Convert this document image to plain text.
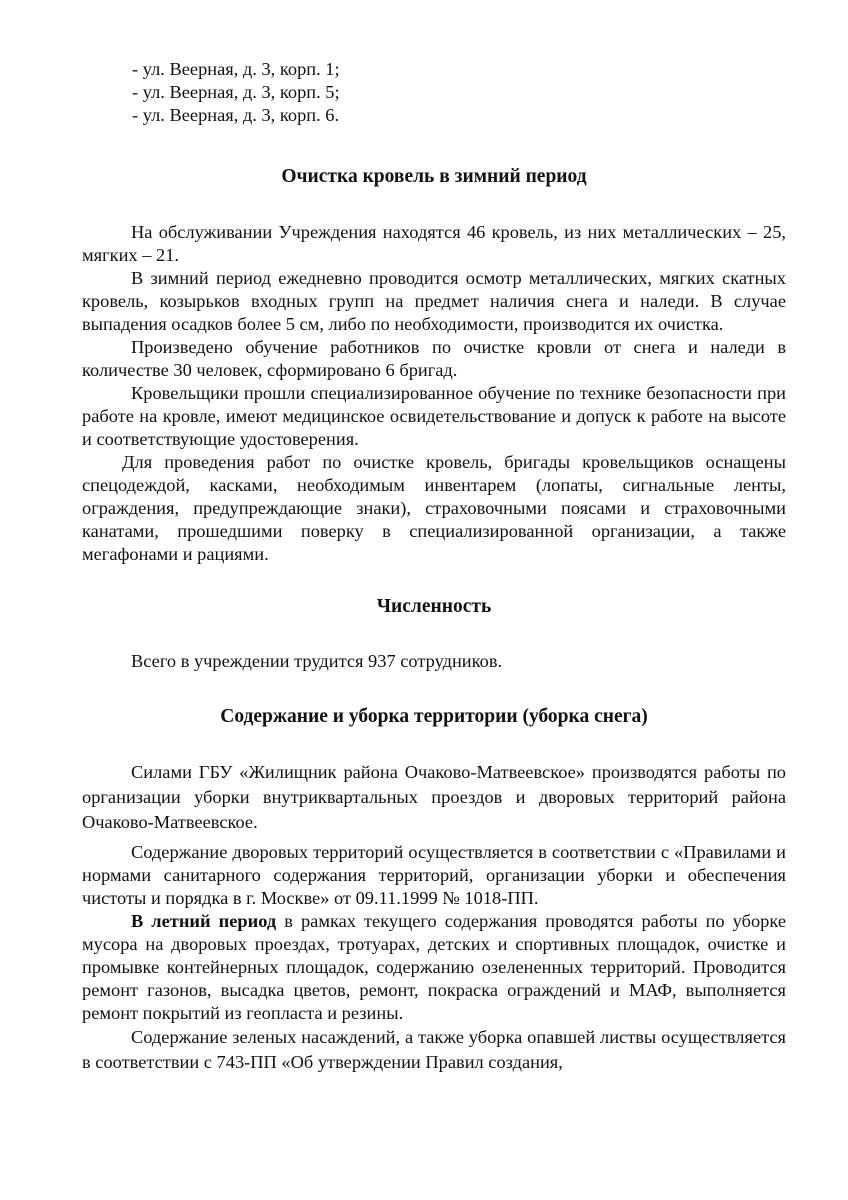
- ул. Веерная, д. 3, корп. 1;
- ул. Веерная, д. 3, корп. 5;
- ул. Веерная, д. 3, корп. 6.
Очистка кровель в зимний период

На обслуживании Учреждения находятся 46 кровель, из них металлических – 25, мягких – 21.

В зимний период ежедневно проводится осмотр металлических, мягких скатных кровель, козырьков входных групп на предмет наличия снега и наледи. В случае выпадения осадков более 5 см, либо по необходимости, производится их очистка.

Произведено обучение работников по очистке кровли от снега и наледи в количестве 30 человек, сформировано 6 бригад.

Кровельщики прошли специализированное обучение по технике безопасности при работе на кровле, имеют медицинское освидетельствование и допуск к работе на высоте и соответствующие удостоверения.

Для проведения работ по очистке кровель, бригады кровельщиков оснащены спецодеждой, касками, необходимым инвентарем (лопаты, сигнальные ленты, ограждения, предупреждающие знаки), страховочными поясами и страховочными канатами, прошедшими поверку в специализированной организации, а также мегафонами и рациями.

Численность

Всего в учреждении трудится 937 сотрудников.

Содержание и уборка территории (уборка снега)

Силами ГБУ «Жилищник района Очаково-Матвеевское» производятся работы по организации уборки внутриквартальных проездов и дворовых территорий района Очаково-Матвеевское.

Содержание дворовых территорий осуществляется в соответствии с «Правилами и нормами санитарного содержания территорий, организации уборки и обеспечения чистоты и порядка в г. Москве» от 09.11.1999 № 1018-ПП.

В летний период в рамках текущего содержания проводятся работы по уборке мусора на дворовых проездах, тротуарах, детских и спортивных площадок, очистке и промывке контейнерных площадок, содержанию озелененных территорий. Проводится ремонт газонов, высадка цветов, ремонт, покраска ограждений и МАФ, выполняется ремонт покрытий из геопласта и резины.

Содержание зеленых насаждений, а также уборка опавшей листвы осуществляется в соответствии с 743-ПП «Об утверждении Правил создания,
